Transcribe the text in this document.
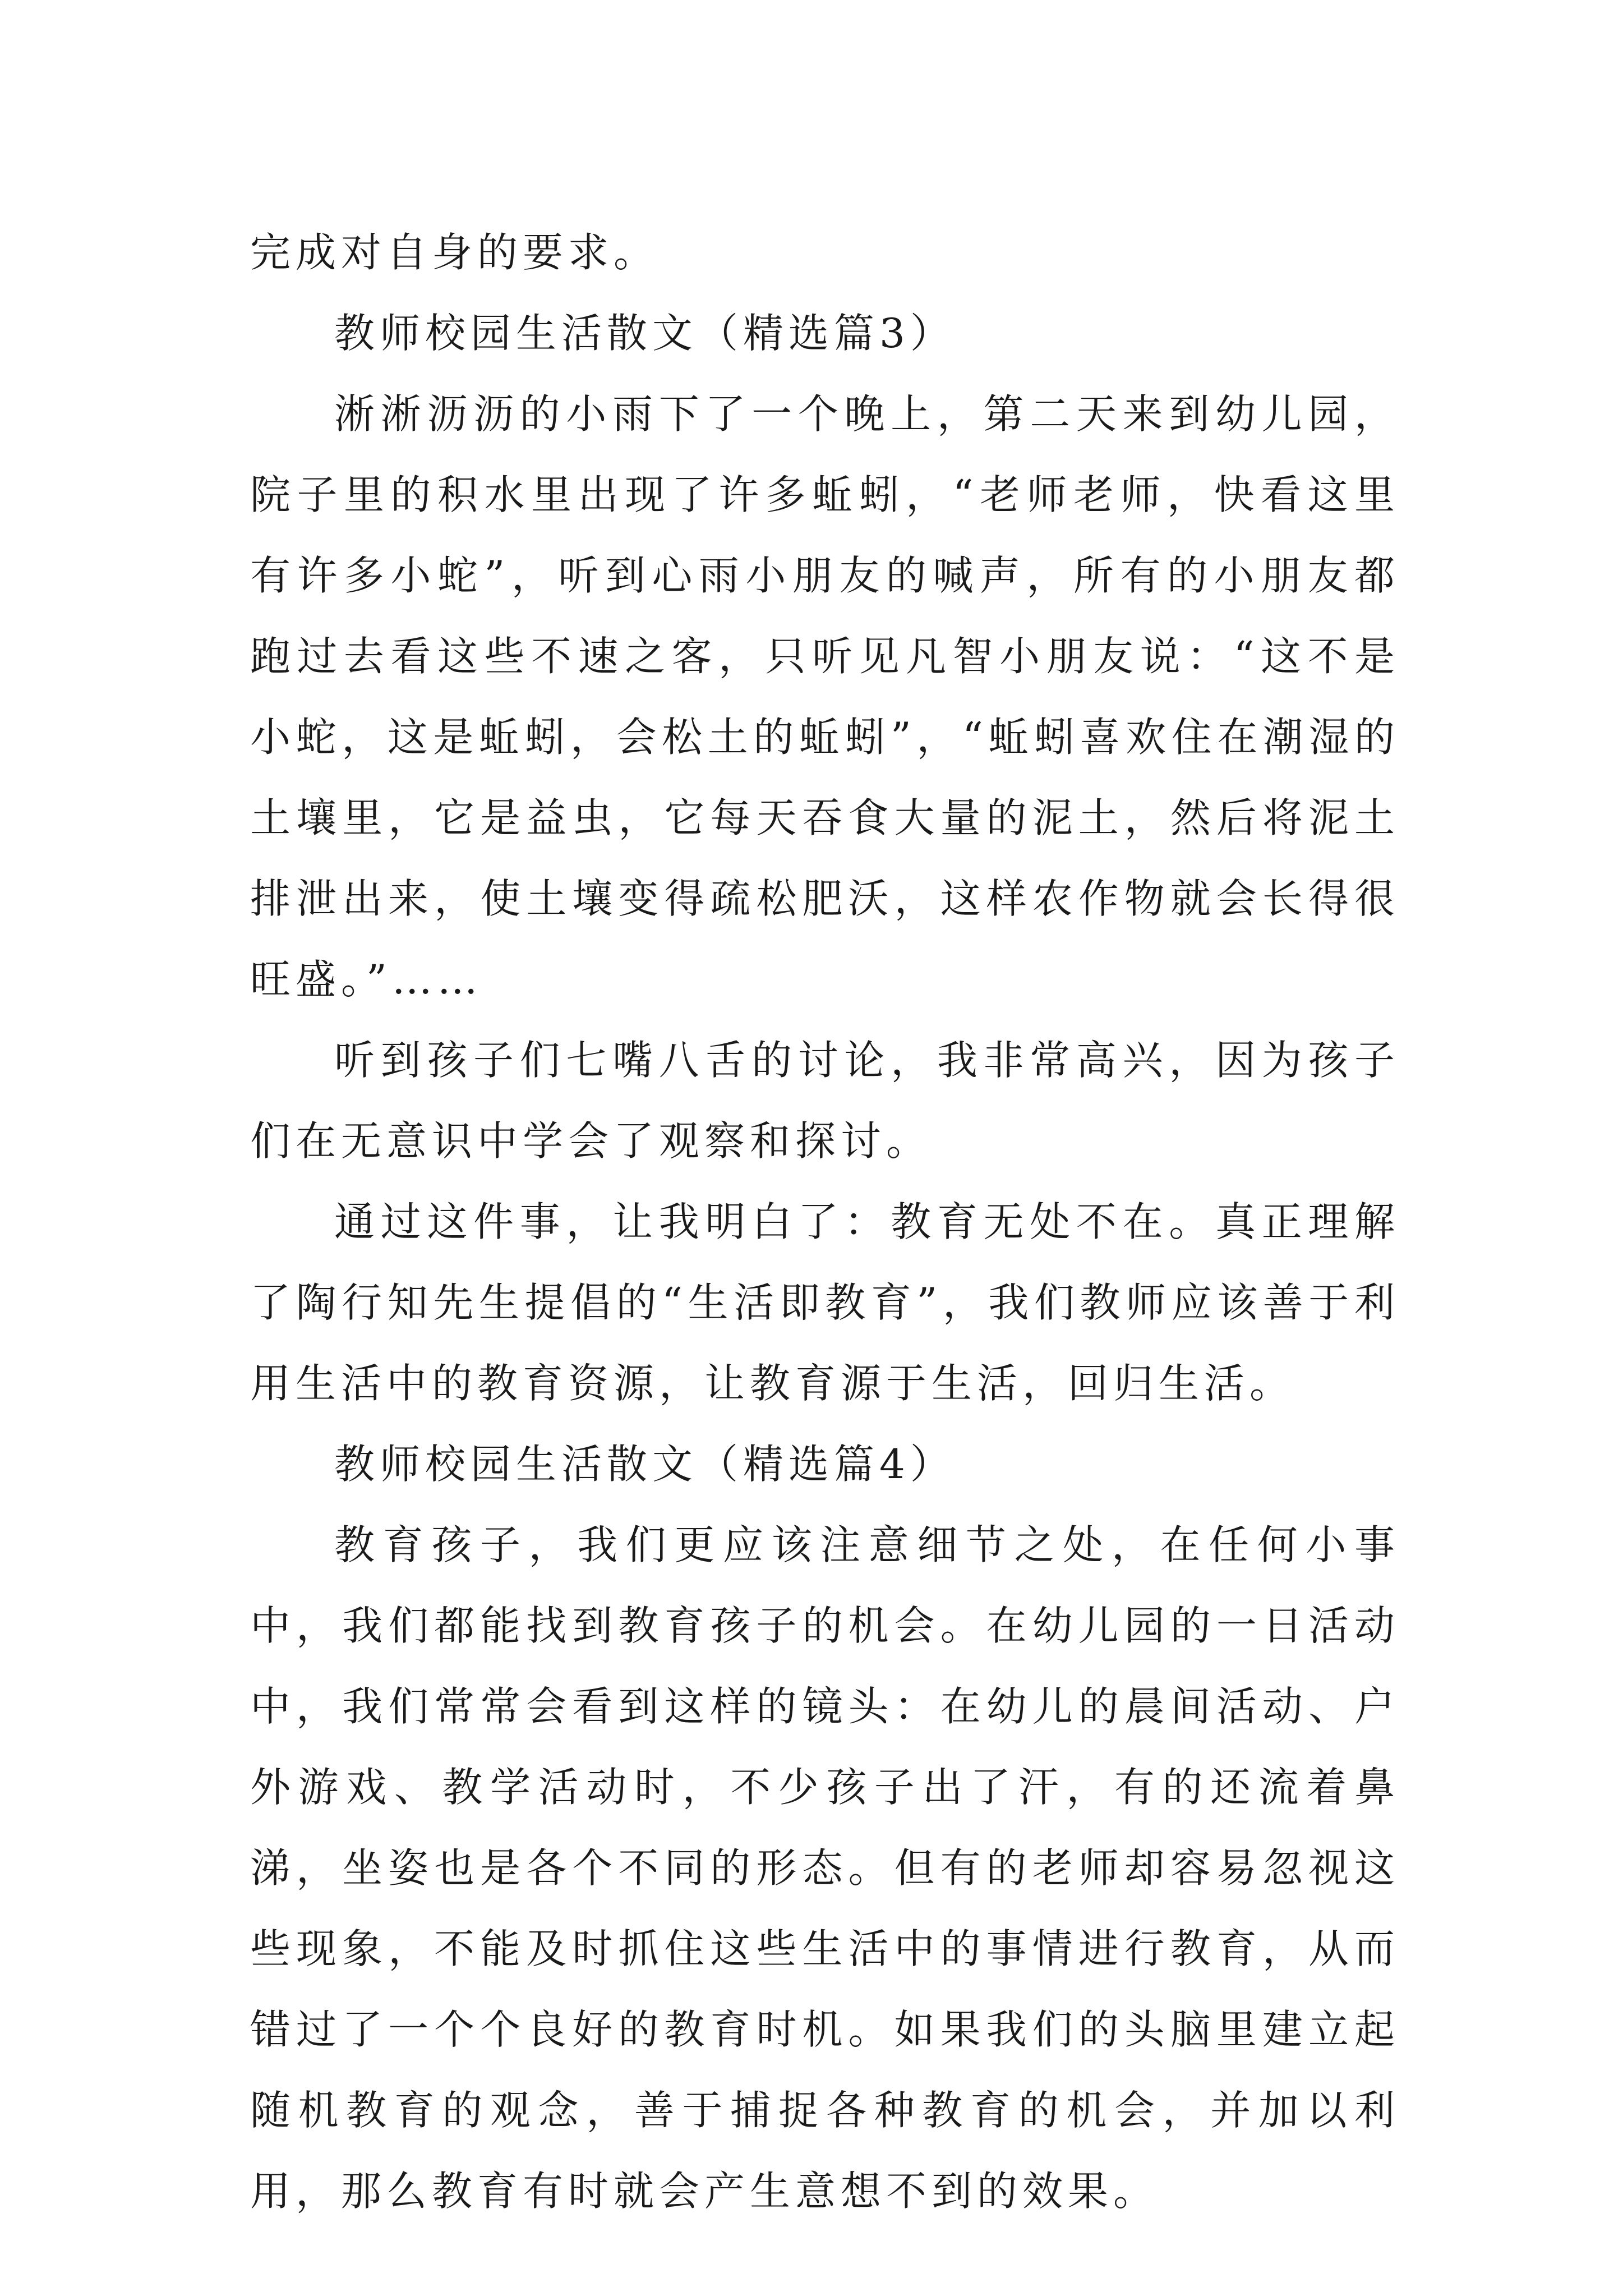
完成对自身的要求。

教师校园生活散文（精选篇3）

淅淅沥沥的小雨下了一个晚上，第二天来到幼儿园，院子里的积水里出现了许多蚯蚓，“老师老师，快看这里有许多小蛇”，听到心雨小朋友的喊声，所有的小朋友都跑过去看这些不速之客，只听见凡智小朋友说：“这不是小蛇，这是蚯蚓，会松土的蚯蚓”，“蚯蚓喜欢住在潮湿的土壤里，它是益虫，它每天吞食大量的泥土，然后将泥土排泄出来，使土壤变得疏松肥沃，这样农作物就会长得很旺盛。”……

听到孩子们七嘴八舌的讨论，我非常高兴，因为孩子们在无意识中学会了观察和探讨。

通过这件事，让我明白了：教育无处不在。真正理解了陶行知先生提倡的“生活即教育”，我们教师应该善于利用生活中的教育资源，让教育源于生活，回归生活。

教师校园生活散文（精选篇4）

教育孩子，我们更应该注意细节之处，在任何小事中，我们都能找到教育孩子的机会。在幼儿园的一日活动中，我们常常会看到这样的镜头：在幼儿的晨间活动、户外游戏、教学活动时，不少孩子出了汗，有的还流着鼻涕，坐姿也是各个不同的形态。但有的老师却容易忽视这些现象，不能及时抓住这些生活中的事情进行教育，从而错过了一个个良好的教育时机。如果我们的头脑里建立起随机教育的观念，善于捕捉各种教育的机会，并加以利用，那么教育有时就会产生意想不到的效果。
